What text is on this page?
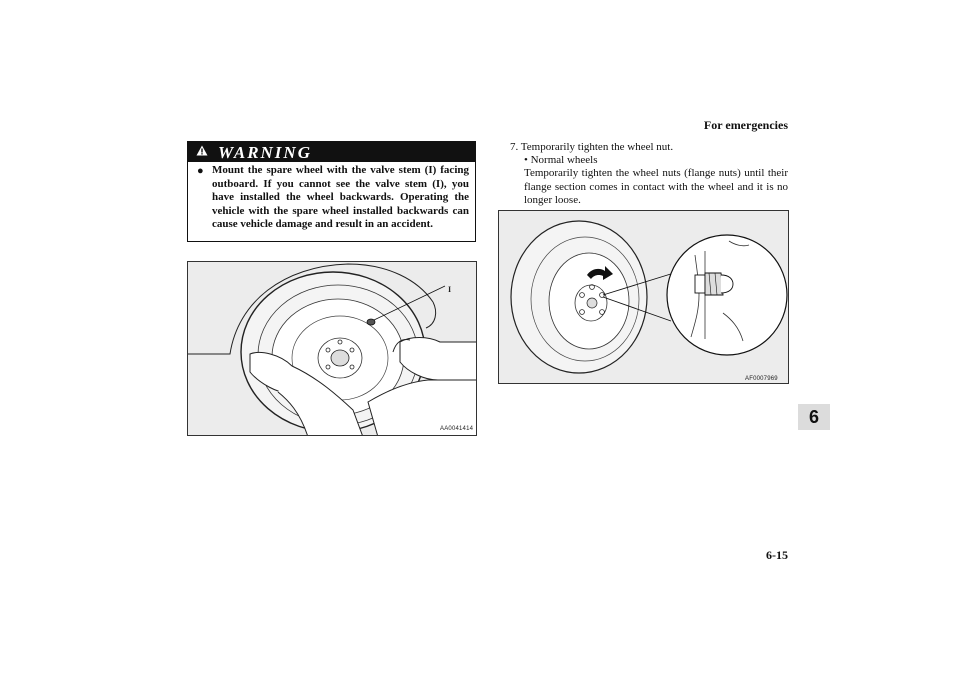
For emergencies
6
WARNING
● Mount the spare wheel with the valve stem (I) facing outboard. If you cannot see the valve stem (I), you have installed the wheel backwards. Operating the vehicle with the spare wheel installed backwards can cause vehicle damage and result in an accident.
I
AA0041414

7. Temporarily tighten the wheel nut.

• Normal wheels

Temporarily tighten the wheel nuts (flange nuts) until their flange section comes in contact with the wheel and it is no longer loose.

AF0007969
6-15
